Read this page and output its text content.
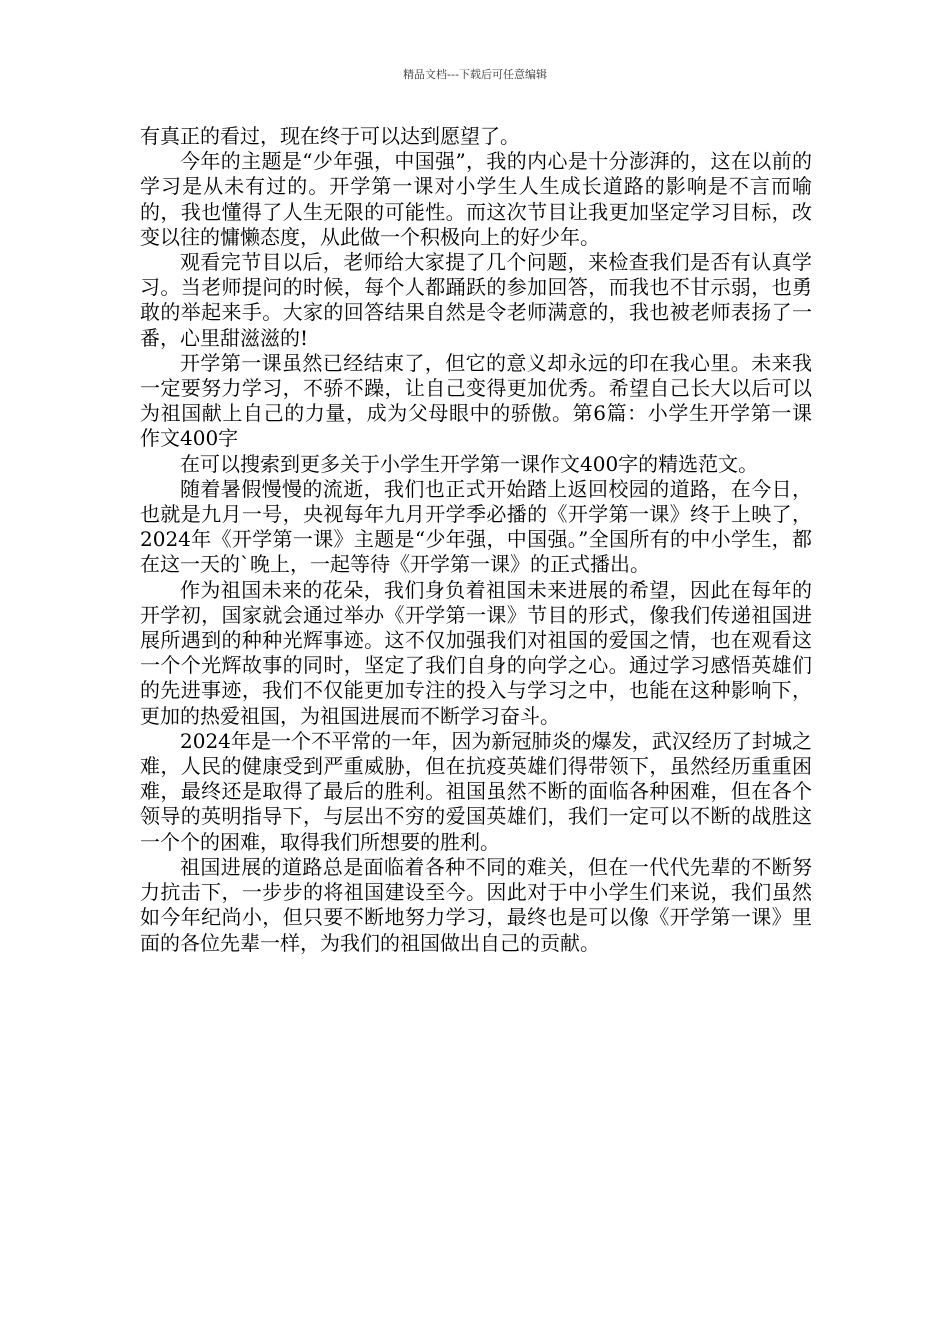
精品文档---下载后可任意编辑

有真正的看过，现在终于可以达到愿望了。

今年的主题是“少年强，中国强”，我的内心是十分澎湃的，这在以前的学习是从未有过的。开学第一课对小学生人生成长道路的影响是不言而喻的，我也懂得了人生无限的可能性。而这次节目让我更加坚定学习目标，改变以往的慵懒态度，从此做一个积极向上的好少年。

观看完节目以后，老师给大家提了几个问题，来检查我们是否有认真学习。当老师提问的时候，每个人都踊跃的参加回答，而我也不甘示弱，也勇敢的举起来手。大家的回答结果自然是令老师满意的，我也被老师表扬了一番，心里甜滋滋的!

开学第一课虽然已经结束了，但它的意义却永远的印在我心里。未来我一定要努力学习，不骄不躁，让自己变得更加优秀。希望自己长大以后可以为祖国献上自己的力量，成为父母眼中的骄傲。第6篇：小学生开学第一课作文400字

在可以搜索到更多关于小学生开学第一课作文400字的精选范文。

随着暑假慢慢的流逝，我们也正式开始踏上返回校园的道路，在今日，也就是九月一号，央视每年九月开学季必播的《开学第一课》终于上映了，2024年《开学第一课》主题是“少年强，中国强。”全国所有的中小学生，都在这一天的`晚上，一起等待《开学第一课》的正式播出。

作为祖国未来的花朵，我们身负着祖国未来进展的希望，因此在每年的开学初，国家就会通过举办《开学第一课》节目的形式，像我们传递祖国进展所遇到的种种光辉事迹。这不仅加强我们对祖国的爱国之情，也在观看这一个个光辉故事的同时，坚定了我们自身的向学之心。通过学习感悟英雄们的先进事迹，我们不仅能更加专注的投入与学习之中，也能在这种影响下，更加的热爱祖国，为祖国进展而不断学习奋斗。

2024年是一个不平常的一年，因为新冠肺炎的爆发，武汉经历了封城之难，人民的健康受到严重威胁，但在抗疫英雄们得带领下，虽然经历重重困难，最终还是取得了最后的胜利。祖国虽然不断的面临各种困难，但在各个领导的英明指导下，与层出不穷的爱国英雄们，我们一定可以不断的战胜这一个个的困难，取得我们所想要的胜利。

祖国进展的道路总是面临着各种不同的难关，但在一代代先辈的不断努力抗击下，一步步的将祖国建设至今。因此对于中小学生们来说，我们虽然如今年纪尚小，但只要不断地努力学习，最终也是可以像《开学第一课》里面的各位先辈一样，为我们的祖国做出自己的贡献。
